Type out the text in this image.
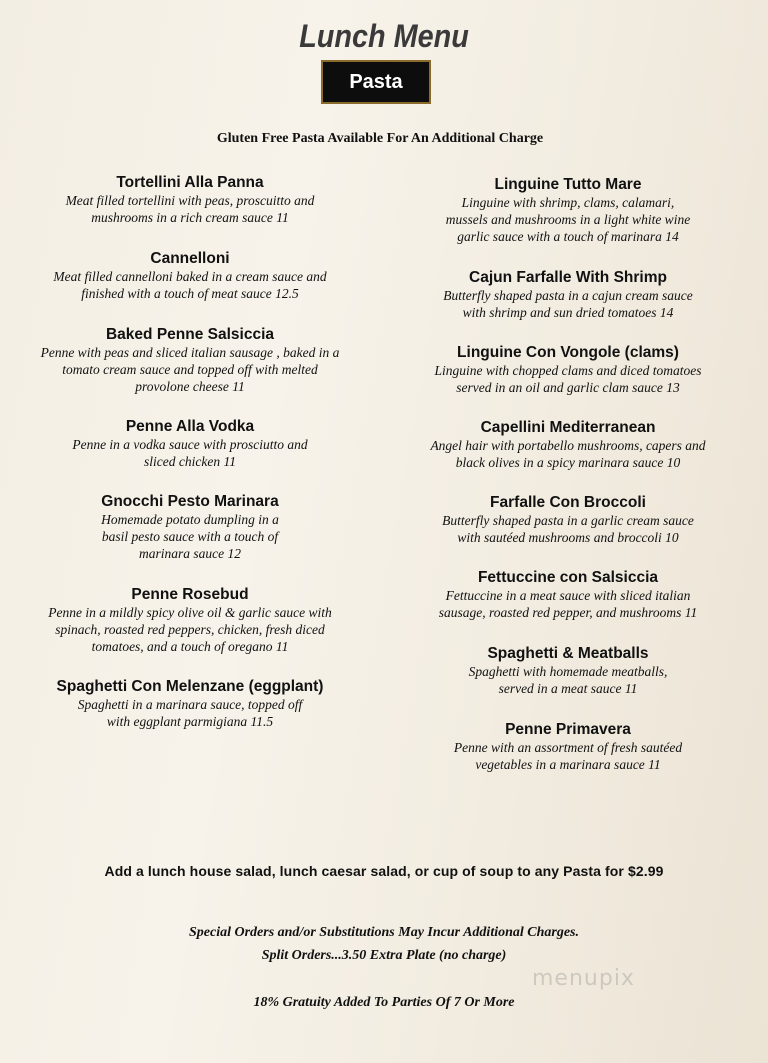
Lunch Menu
Pasta
Gluten Free Pasta Available For An Additional Charge
Tortellini Alla Panna
Meat filled tortellini with peas, proscuitto and
mushrooms in a rich cream sauce 11
Cannelloni
Meat filled cannelloni baked in a cream sauce and
finished with a touch of meat sauce 12.5
Baked Penne Salsiccia
Penne with peas and sliced italian sausage , baked in a
tomato cream sauce and topped off with melted
provolone cheese 11
Penne Alla Vodka
Penne in a vodka sauce with prosciutto and
sliced chicken 11
Gnocchi Pesto Marinara
Homemade potato dumpling in a
basil pesto sauce with a touch of
marinara sauce 12
Penne Rosebud
Penne in a mildly spicy olive oil & garlic sauce with
spinach, roasted red peppers, chicken, fresh diced
tomatoes, and a touch of oregano 11
Spaghetti Con Melenzane (eggplant)
Spaghetti in a marinara sauce, topped off
with eggplant parmigiana 11.5
Linguine Tutto Mare
Linguine with shrimp, clams, calamari,
mussels and mushrooms in a light white wine
garlic sauce with a touch of marinara 14
Cajun Farfalle With Shrimp
Butterfly shaped pasta in a cajun cream sauce
with shrimp and sun dried tomatoes 14
Linguine Con Vongole (clams)
Linguine with chopped clams and diced tomatoes
served in an oil and garlic clam sauce 13
Capellini Mediterranean
Angel hair with portabello mushrooms, capers and
black olives in a spicy marinara sauce 10
Farfalle Con Broccoli
Butterfly shaped pasta in a garlic cream sauce
with sautéed mushrooms and broccoli 10
Fettuccine con Salsiccia
Fettuccine in a meat sauce with sliced italian
sausage, roasted red pepper, and mushrooms 11
Spaghetti & Meatballs
Spaghetti with homemade meatballs,
served in a meat sauce 11
Penne Primavera
Penne with an assortment of fresh sautéed
vegetables in a marinara sauce 11
Add a lunch house salad, lunch caesar salad, or cup of soup to any Pasta for $2.99
Special Orders and/or Substitutions May Incur Additional Charges.
Split Orders...3.50 Extra Plate (no charge)
18% Gratuity Added To Parties Of 7 Or More
menupix
